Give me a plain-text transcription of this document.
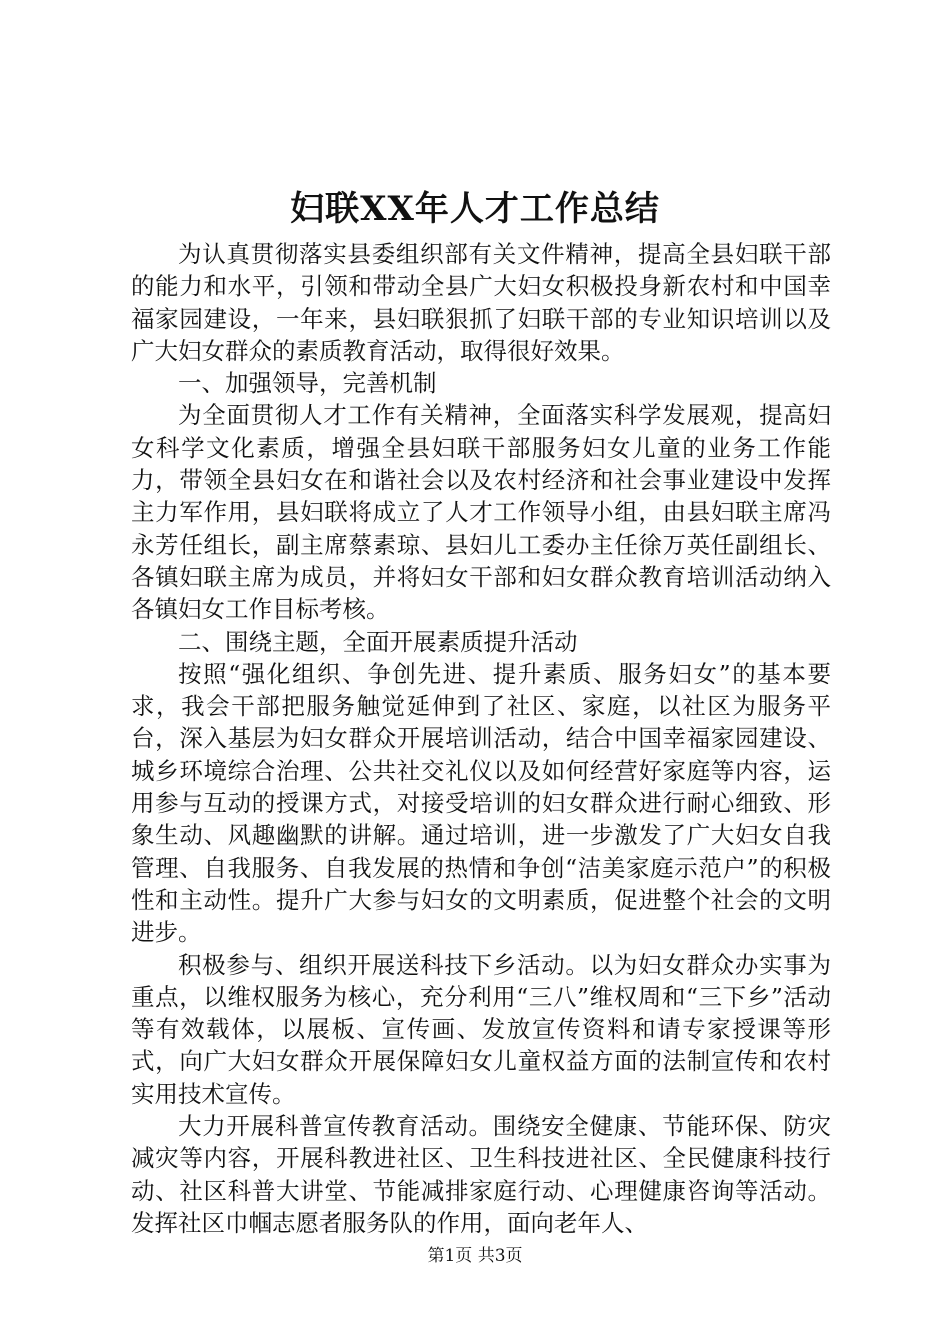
妇联XX年人才工作总结

为认真贯彻落实县委组织部有关文件精神，提高全县妇联干部的能力和水平，引领和带动全县广大妇女积极投身新农村和中国幸福家园建设，一年来，县妇联狠抓了妇联干部的专业知识培训以及广大妇女群众的素质教育活动，取得很好效果。

一、加强领导，完善机制

为全面贯彻人才工作有关精神，全面落实科学发展观，提高妇女科学文化素质，增强全县妇联干部服务妇女儿童的业务工作能力，带领全县妇女在和谐社会以及农村经济和社会事业建设中发挥主力军作用，县妇联将成立了人才工作领导小组，由县妇联主席冯永芳任组长，副主席蔡素琼、县妇儿工委办主任徐万英任副组长、各镇妇联主席为成员，并将妇女干部和妇女群众教育培训活动纳入各镇妇女工作目标考核。

二、围绕主题，全面开展素质提升活动

按照“强化组织、争创先进、提升素质、服务妇女”的基本要求，我会干部把服务触觉延伸到了社区、家庭，以社区为服务平台，深入基层为妇女群众开展培训活动，结合中国幸福家园建设、城乡环境综合治理、公共社交礼仪以及如何经营好家庭等内容，运用参与互动的授课方式，对接受培训的妇女群众进行耐心细致、形象生动、风趣幽默的讲解。通过培训，进一步激发了广大妇女自我管理、自我服务、自我发展的热情和争创“洁美家庭示范户”的积极性和主动性。提升广大参与妇女的文明素质，促进整个社会的文明进步。

积极参与、组织开展送科技下乡活动。以为妇女群众办实事为重点，以维权服务为核心，充分利用“三八”维权周和“三下乡”活动等有效载体，以展板、宣传画、发放宣传资料和请专家授课等形式，向广大妇女群众开展保障妇女儿童权益方面的法制宣传和农村实用技术宣传。

大力开展科普宣传教育活动。围绕安全健康、节能环保、防灾减灾等内容，开展科教进社区、卫生科技进社区、全民健康科技行动、社区科普大讲堂、节能减排家庭行动、心理健康咨询等活动。发挥社区巾帼志愿者服务队的作用，面向老年人、

第1页 共3页
